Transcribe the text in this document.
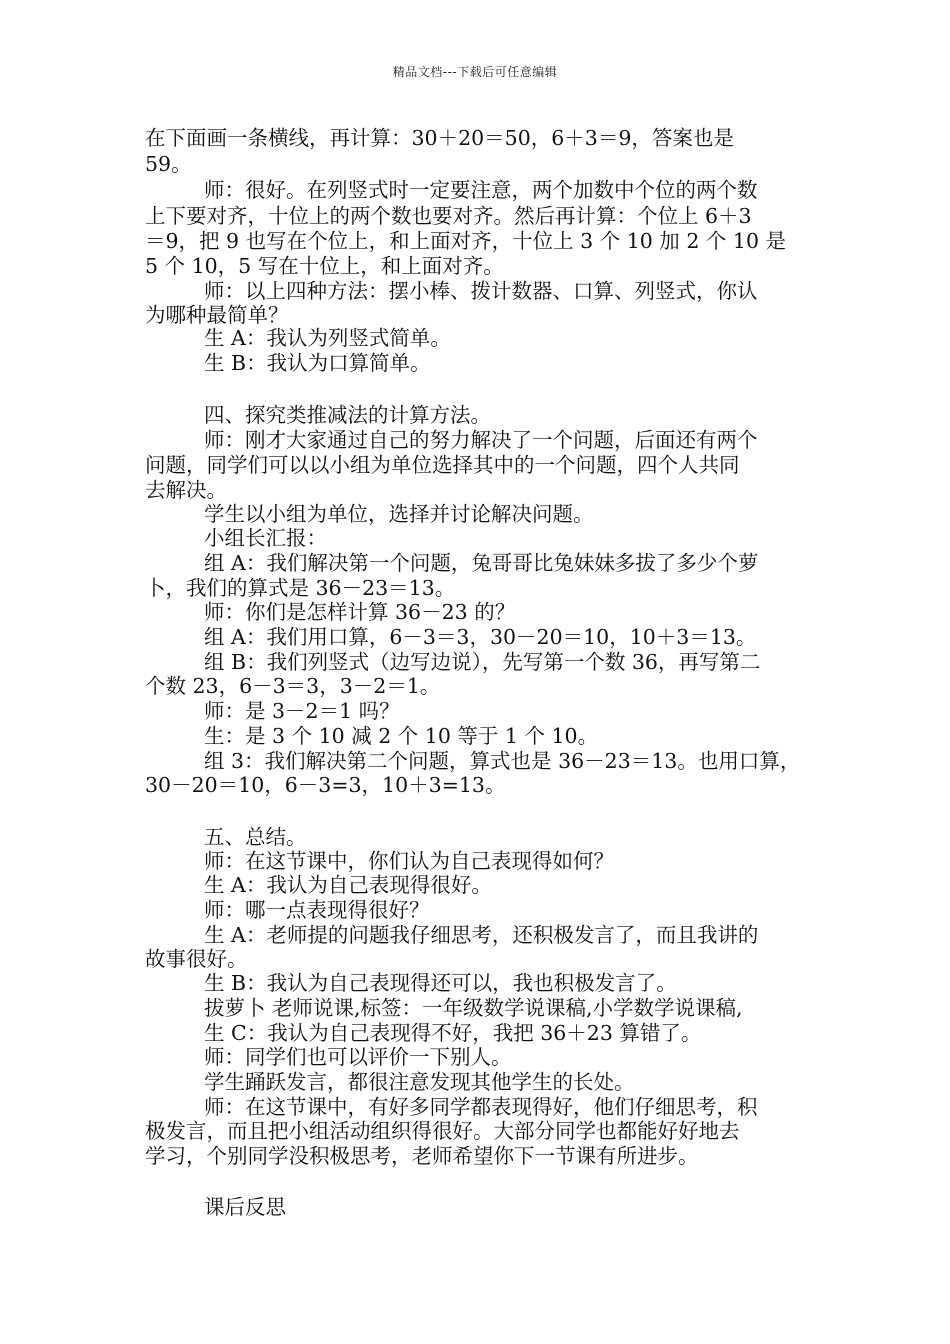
精品文档---下载后可任意编辑
在下面画一条横线，再计算：30＋20＝50，6＋3＝9，答案也是
59。
师：很好。在列竖式时一定要注意，两个加数中个位的两个数
上下要对齐，十位上的两个数也要对齐。然后再计算：个位上 6＋3
＝9，把 9 也写在个位上，和上面对齐，十位上 3 个 10 加 2 个 10 是
5 个 10，5 写在十位上，和上面对齐。
师：以上四种方法：摆小棒、拨计数器、口算、列竖式，你认
为哪种最简单？
生 A：我认为列竖式简单。
生 B：我认为口算简单。
四、探究类推减法的计算方法。
师：刚才大家通过自己的努力解决了一个问题，后面还有两个
问题，同学们可以以小组为单位选择其中的一个问题，四个人共同
去解决。
学生以小组为单位，选择并讨论解决问题。
小组长汇报：
组 A：我们解决第一个问题，兔哥哥比兔妹妹多拔了多少个萝
卜，我们的算式是 36－23＝13。
师：你们是怎样计算 36－23 的？
组 A：我们用口算，6－3＝3，30－20＝10，10＋3＝13。
组 B：我们列竖式（边写边说），先写第一个数 36，再写第二
个数 23，6－3＝3，3－2＝1。
师：是 3－2＝1 吗？
生：是 3 个 10 减 2 个 10 等于 1 个 10。
组 3：我们解决第二个问题，算式也是 36－23＝13。也用口算，
30－20＝10，6－3=3，10＋3=13。
五、总结。
师：在这节课中，你们认为自己表现得如何？
生 A：我认为自己表现得很好。
师：哪一点表现得很好？
生 A：老师提的问题我仔细思考，还积极发言了，而且我讲的
故事很好。
生 B：我认为自己表现得还可以，我也积极发言了。
拔萝卜 老师说课,标签：一年级数学说课稿,小学数学说课稿,
生 C：我认为自己表现得不好，我把 36＋23 算错了。
师：同学们也可以评价一下别人。
学生踊跃发言，都很注意发现其他学生的长处。
师：在这节课中，有好多同学都表现得好，他们仔细思考，积
极发言，而且把小组活动组织得很好。大部分同学也都能好好地去
学习，个别同学没积极思考，老师希望你下一节课有所进步。
课后反思
